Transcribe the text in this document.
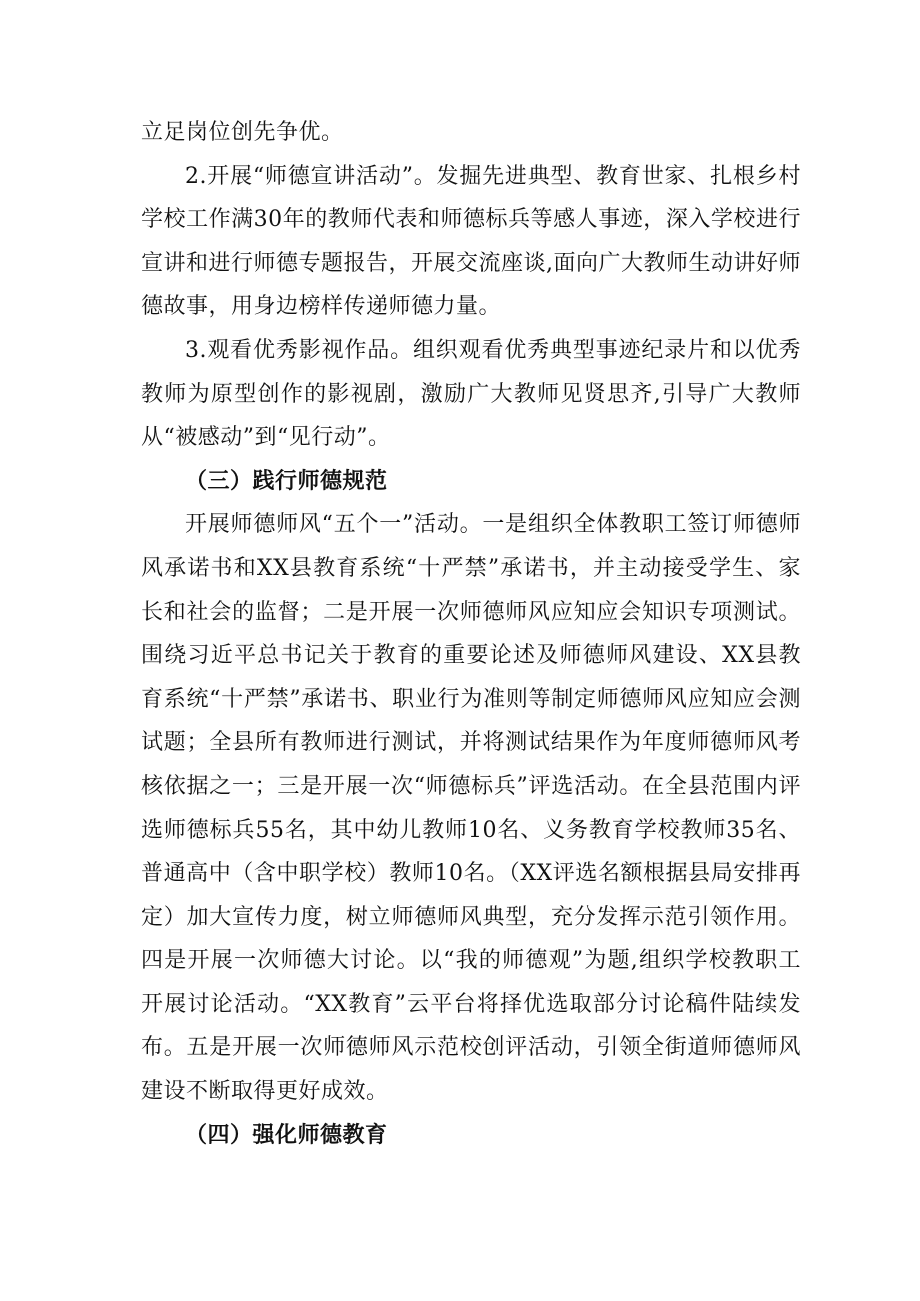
立足岗位创先争优。

2.开展“师德宣讲活动”。发掘先进典型、教育世家、扎根乡村学校工作满30年的教师代表和师德标兵等感人事迹，深入学校进行宣讲和进行师德专题报告，开展交流座谈,面向广大教师生动讲好师德故事，用身边榜样传递师德力量。

3.观看优秀影视作品。组织观看优秀典型事迹纪录片和以优秀教师为原型创作的影视剧，激励广大教师见贤思齐,引导广大教师从“被感动”到“见行动”。

（三）践行师德规范

开展师德师风“五个一”活动。一是组织全体教职工签订师德师风承诺书和XX县教育系统“十严禁”承诺书，并主动接受学生、家长和社会的监督；二是开展一次师德师风应知应会知识专项测试。围绕习近平总书记关于教育的重要论述及师德师风建设、XX县教育系统“十严禁”承诺书、职业行为准则等制定师德师风应知应会测试题；全县所有教师进行测试，并将测试结果作为年度师德师风考核依据之一；三是开展一次“师德标兵”评选活动。在全县范围内评选师德标兵55名，其中幼儿教师10名、义务教育学校教师35名、普通高中（含中职学校）教师10名。（XX评选名额根据县局安排再定）加大宣传力度，树立师德师风典型，充分发挥示范引领作用。四是开展一次师德大讨论。以“我的师德观”为题,组织学校教职工开展讨论活动。“XX教育”云平台将择优选取部分讨论稿件陆续发布。五是开展一次师德师风示范校创评活动，引领全街道师德师风建设不断取得更好成效。

（四）强化师德教育
